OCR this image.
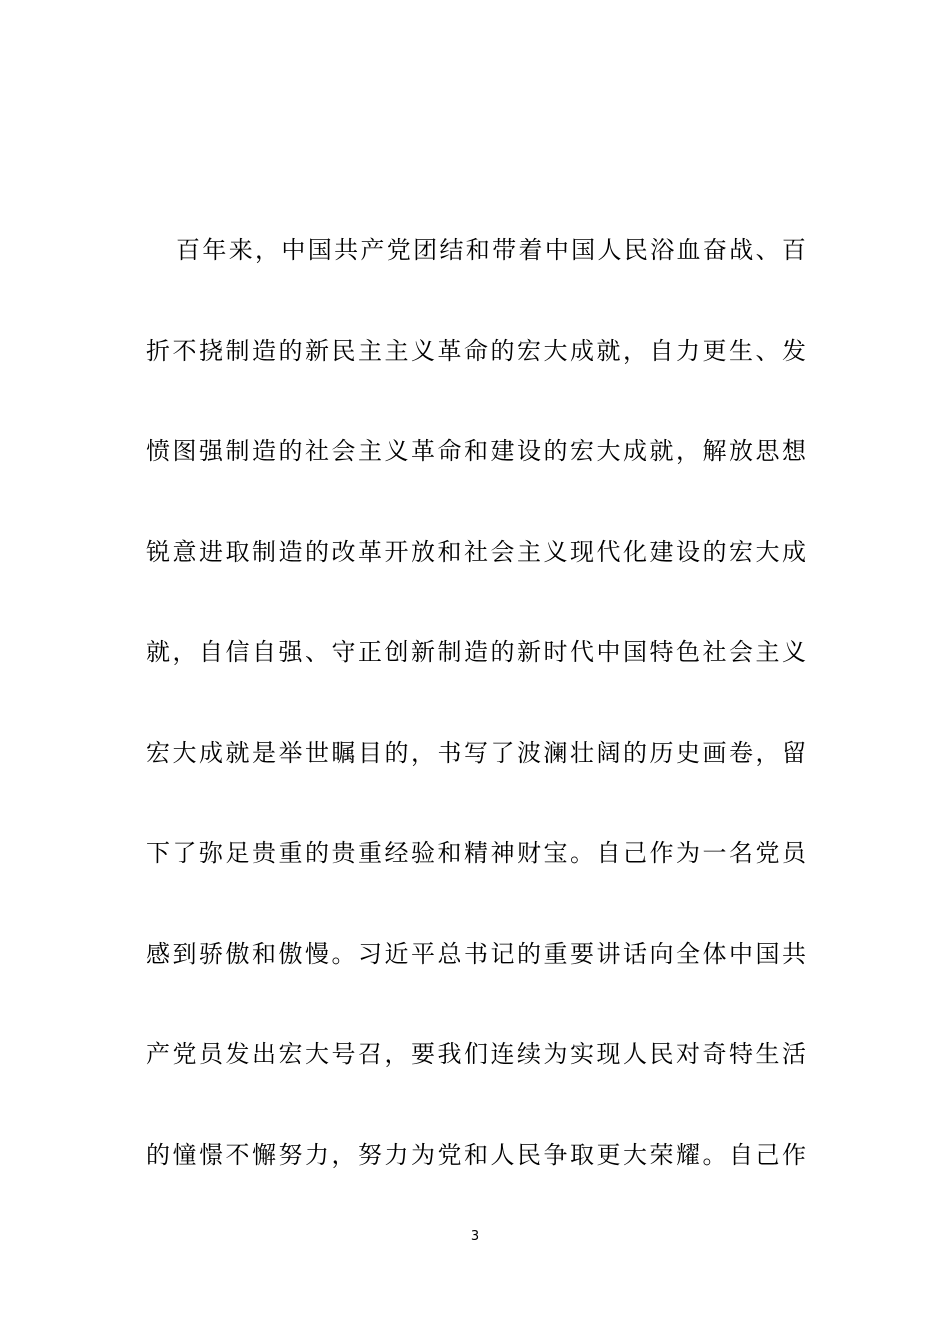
百 年 来 ， 中 国 共 产 党 团 结 和 带 着 中 国 人 民 浴 血 奋 战 、 百
折 不 挠 制 造 的 新 民 主 主 义 革 命 的 宏 大 成 就 ， 自 力 更 生 、 发
愤 图 强 制 造 的 社 会 主 义 革 命 和 建 设 的 宏 大 成 就 ， 解 放 思 想
锐 意 进 取 制 造 的 改 革 开 放 和 社 会 主 义 现 代 化 建 设 的 宏 大 成
就 ， 自 信 自 强 、 守 正 创 新 制 造 的 新 时 代 中 国 特 色 社 会 主 义
宏 大 成 就 是 举 世 瞩 目 的 ， 书 写 了 波 澜 壮 阔 的 历 史 画 卷 ， 留
下 了 弥 足 贵 重 的 贵 重 经 验 和 精 神 财 宝 。 自 己 作 为 一 名 党 员
感 到 骄 傲 和 傲 慢 。 习 近 平 总 书 记 的 重 要 讲 话 向 全 体 中 国 共
产 党 员 发 出 宏 大 号 召 ， 要 我 们 连 续 为 实 现 人 民 对 奇 特 生 活
的 憧 憬 不 懈 努 力 ， 努 力 为 党 和 人 民 争 取 更 大 荣 耀 。 自 己 作
3
